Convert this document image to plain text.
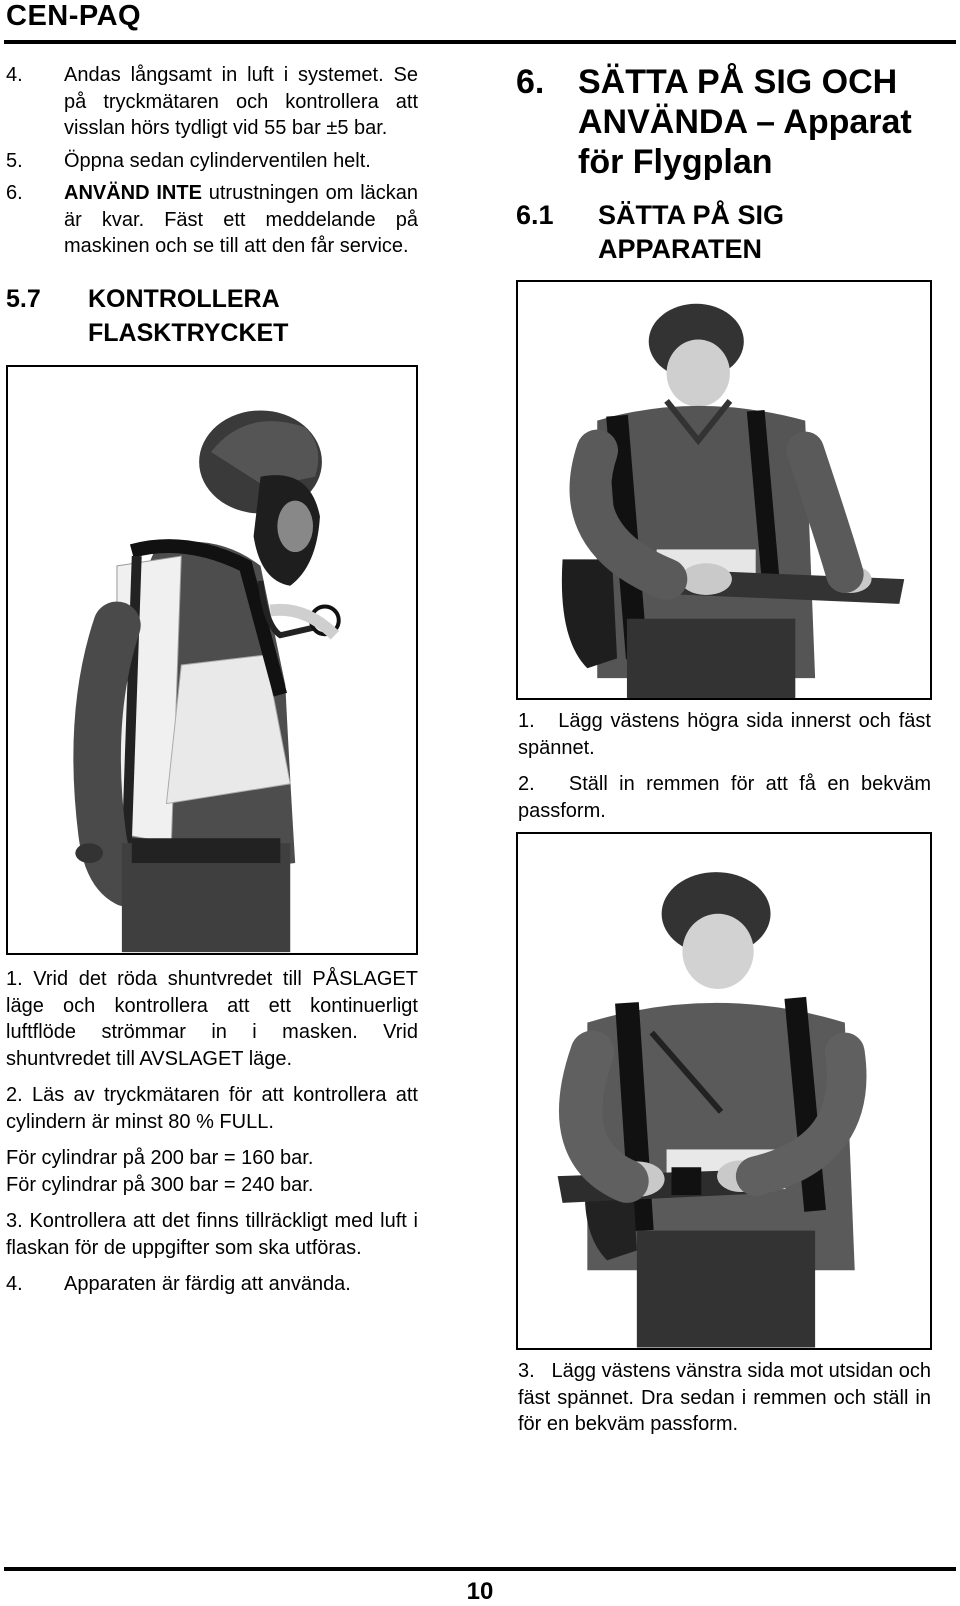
CEN-PAQ
4.	Andas långsamt in luft i systemet. Se på tryckmätaren och kontrollera att visslan hörs tydligt vid 55 bar ±5 bar.
5.	Öppna sedan cylinderventilen helt.
6.	ANVÄND INTE utrustningen om läckan är kvar. Fäst ett meddelande på maskinen och se till att den får service.
5.7	KONTROLLERA FLASKTRYCKET

1. Vrid det röda shuntvredet till PÅSLAGET läge och kontrollera att ett kontinuerligt luftflöde strömmar in i masken. Vrid shuntvredet till AVSLAGET läge.

2. Läs av tryckmätaren för att kontrollera att cylindern är minst 80 % FULL.

För cylindrar på 200 bar = 160 bar.

För cylindrar på 300 bar = 240 bar.

3. Kontrollera att det finns tillräckligt med luft i flaskan för de uppgifter som ska utföras.

4.	Apparaten är färdig att använda.
6. SÄTTA PÅ SIG OCH ANVÄNDA – Apparat för Flygplan
6.1	SÄTTA PÅ SIG APPARATEN

1. Lägg västens högra sida innerst och fäst spännet.

2. Ställ in remmen för att få en bekväm passform.

3. Lägg västens vänstra sida mot utsidan och fäst spännet. Dra sedan i remmen och ställ in för en bekväm passform.

10
